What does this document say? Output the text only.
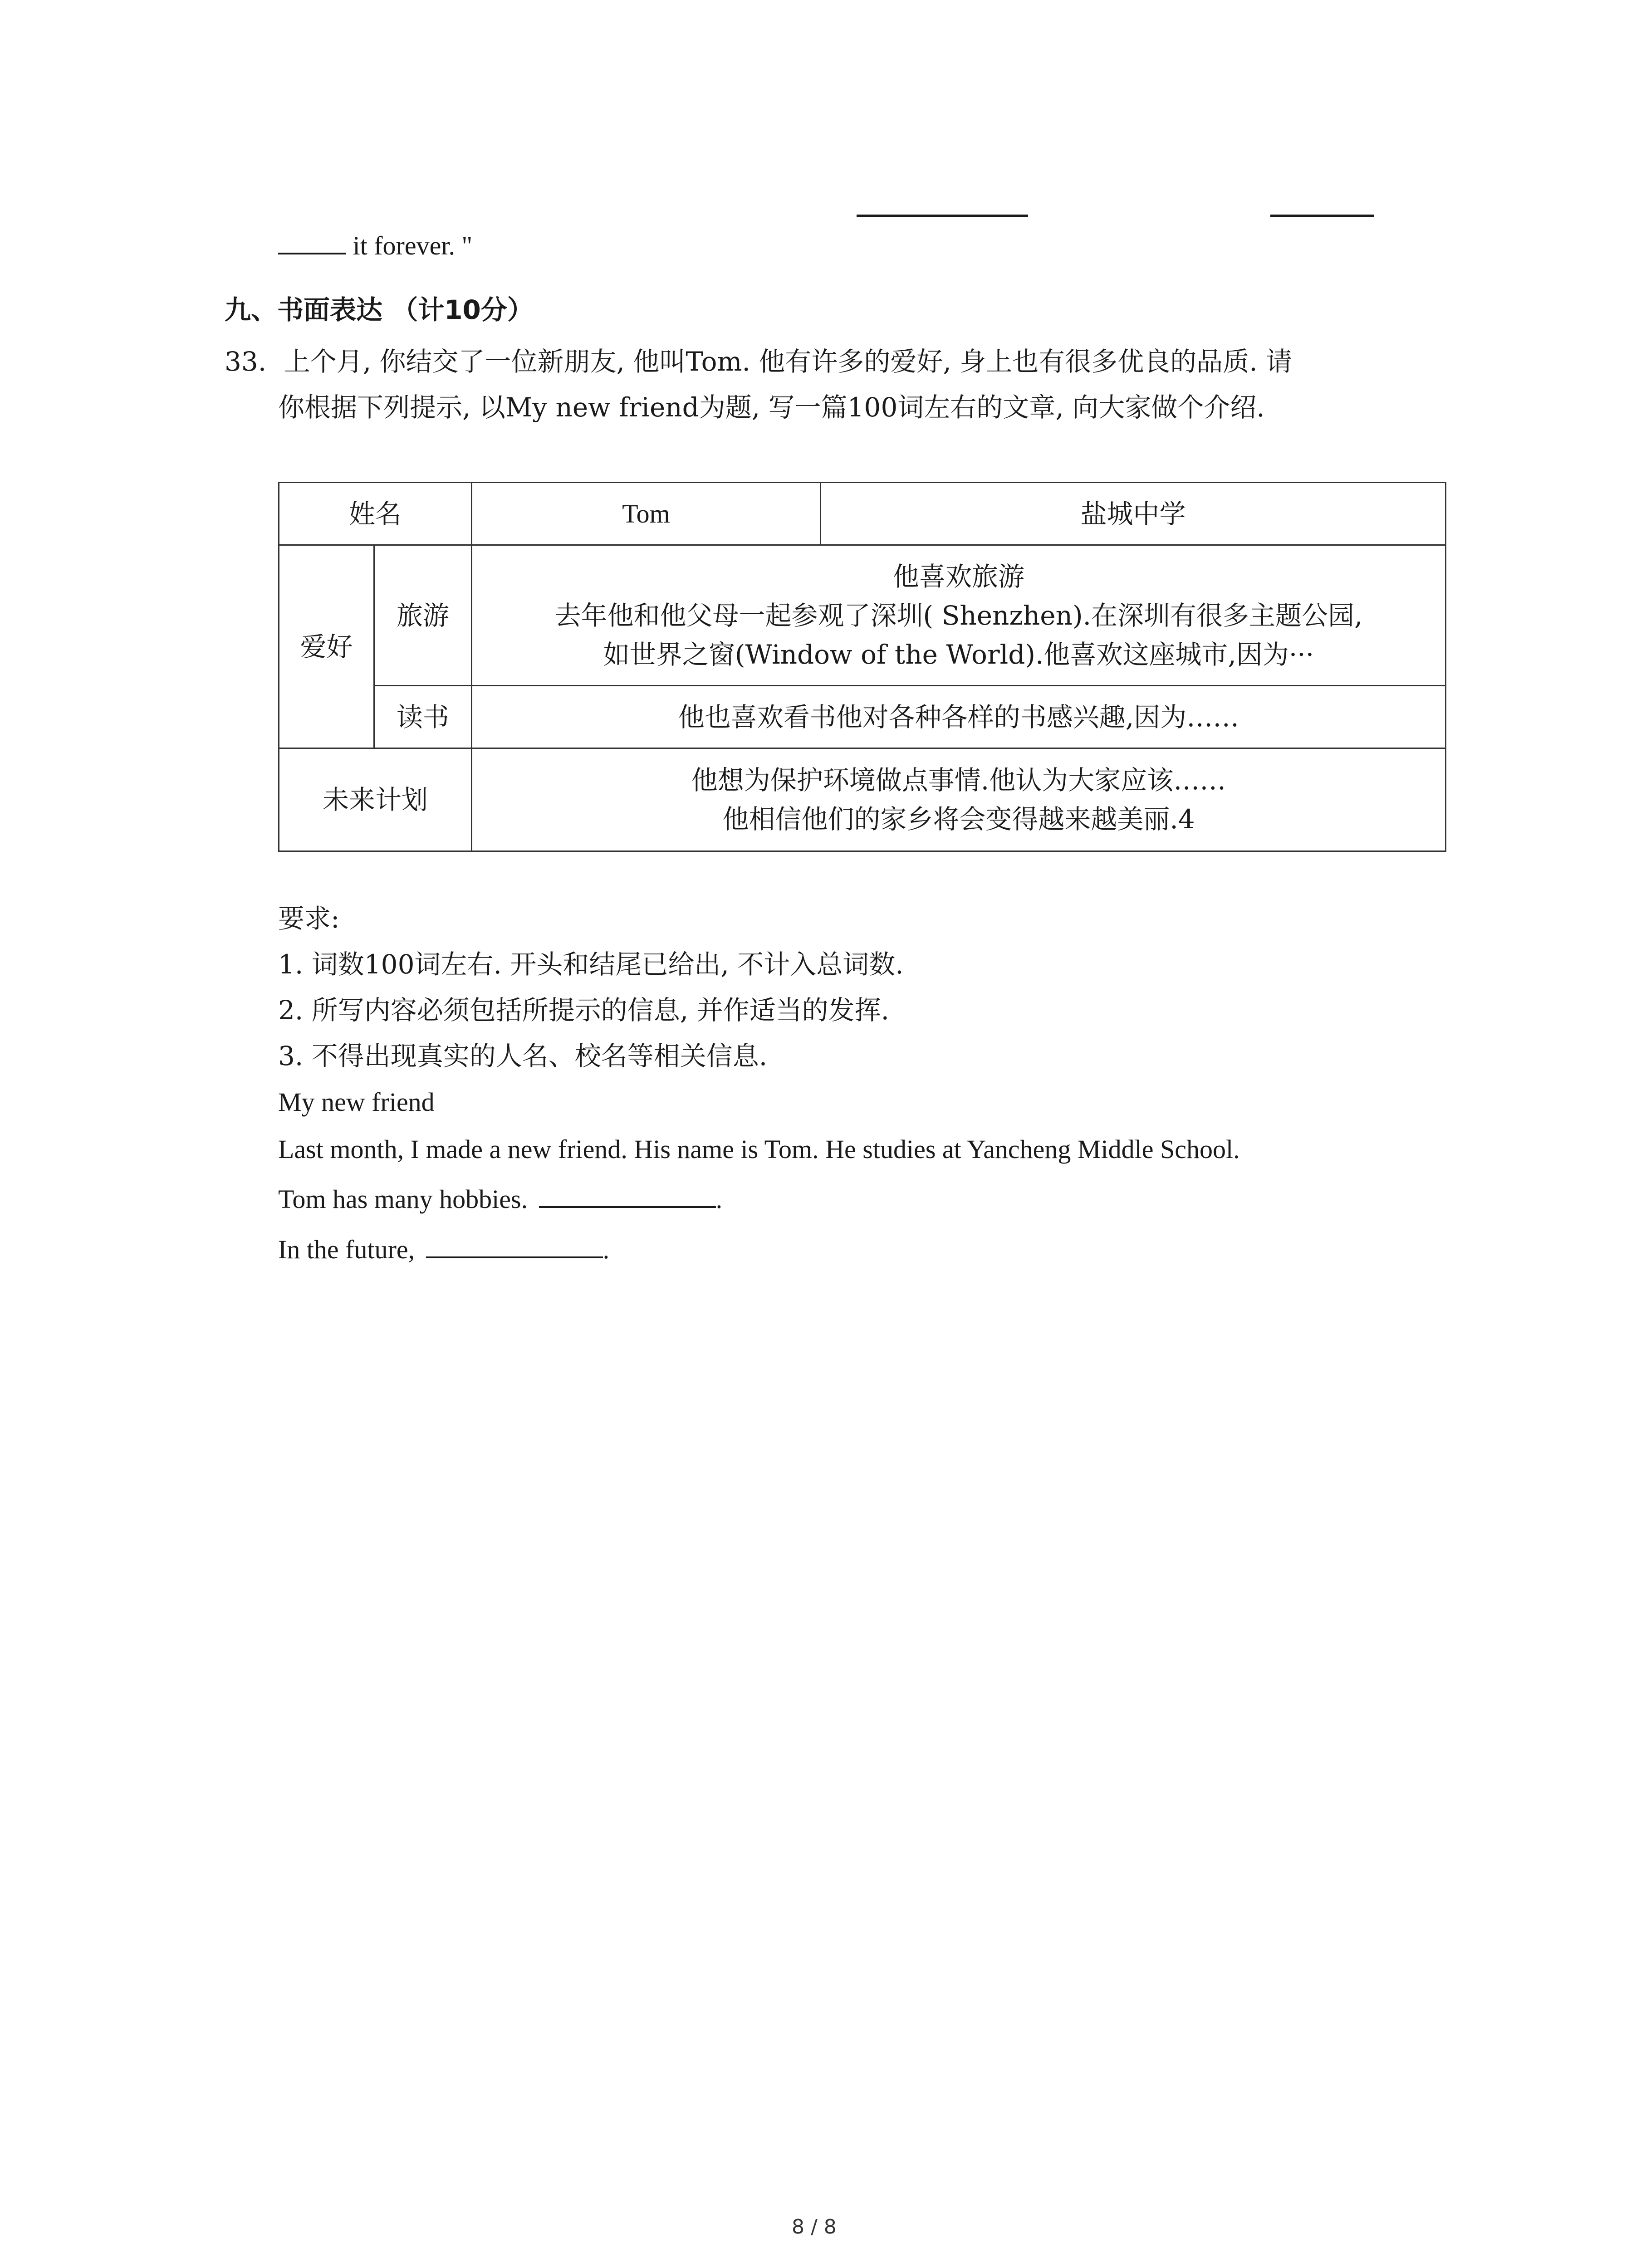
it forever. "
九、书面表达 （计10分）
33. 上个月, 你结交了一位新朋友, 他叫Tom. 他有许多的爱好, 身上也有很多优良的品质. 请
你根据下列提示, 以My new friend为题, 写一篇100词左右的文章, 向大家做个介绍.
姓名		Tom	盐城中学
爱好	旅游	他喜欢旅游
去年他和他父母一起参观了深圳( Shenzhen).在深圳有很多主题公园,
如世界之窗(Window of the World).他喜欢这座城市,因为···	

	读书	他也喜欢看书他对各种各样的书感兴趣,因为……	
未来计划		他想为保护环境做点事情.他认为大家应该……
他相信他们的家乡将会变得越来越美丽.4	
要求:
1. 词数100词左右. 开头和结尾已给出, 不计入总词数.
2. 所写内容必须包括所提示的信息, 并作适当的发挥.
3. 不得出现真实的人名、校名等相关信息.
My new friend
Last month, I made a new friend. His name is Tom. He studies at Yancheng Middle School.
Tom has many hobbies.	.
In the future,	.
8 / 8
